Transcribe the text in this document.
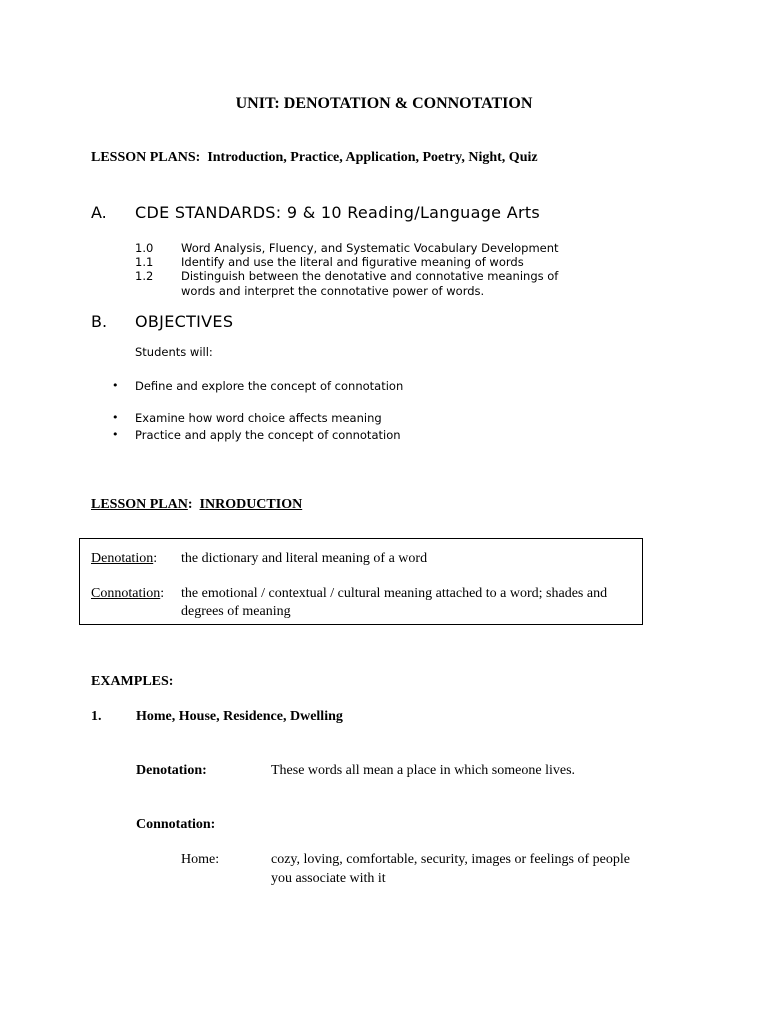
UNIT: DENOTATION & CONNOTATION
LESSON PLANS: Introduction, Practice, Application, Poetry, Night, Quiz
A. CDE STANDARDS: 9 & 10 Reading/Language Arts
1.0 Word Analysis, Fluency, and Systematic Vocabulary Development
1.1 Identify and use the literal and figurative meaning of words
1.2 Distinguish between the denotative and connotative meanings of
words and interpret the connotative power of words.
B. OBJECTIVES
Students will:
• Define and explore the concept of connotation
• Examine how word choice affects meaning
• Practice and apply the concept of connotation
LESSON PLAN: INRODUCTION
Denotation: the dictionary and literal meaning of a word
Connotation: the emotional / contextual / cultural meaning attached to a word; shades and
degrees of meaning
EXAMPLES:
1. Home, House, Residence, Dwelling
Denotation:	These words all mean a place in which someone lives.
Connotation:
Home:	cozy, loving, comfortable, security, images or feelings of people
you associate with it
